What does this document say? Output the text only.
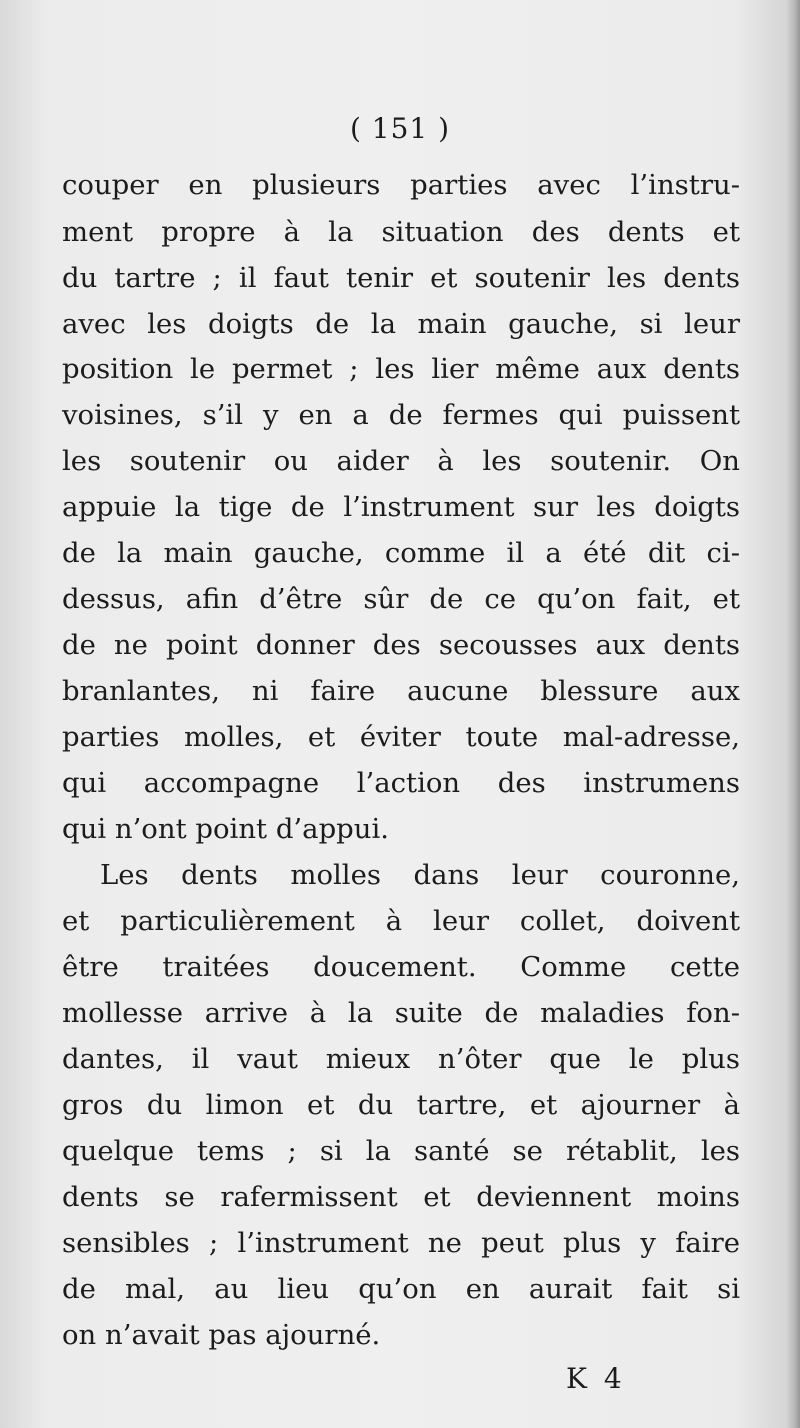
( 151 )
couper en plusieurs parties avec l’instru-
ment propre à la situation des dents et
du tartre ; il faut tenir et soutenir les dents
avec les doigts de la main gauche, si leur
position le permet ; les lier même aux dents
voisines, s’il y en a de fermes qui puissent
les soutenir ou aider à les soutenir. On
appuie la tige de l’instrument sur les doigts
de la main gauche, comme il a été dit ci-
dessus, afin d’être sûr de ce qu’on fait, et
de ne point donner des secousses aux dents
branlantes, ni faire aucune blessure aux
parties molles, et éviter toute mal-adresse,
qui accompagne l’action des instrumens
qui n’ont point d’appui.
Les dents molles dans leur couronne,
et particulièrement à leur collet, doivent
être traitées doucement. Comme cette
mollesse arrive à la suite de maladies fon-
dantes, il vaut mieux n’ôter que le plus
gros du limon et du tartre, et ajourner à
quelque tems ; si la santé se rétablit, les
dents se rafermissent et deviennent moins
sensibles ; l’instrument ne peut plus y faire
de mal, au lieu qu’on en aurait fait si
on n’avait pas ajourné.
K 4
